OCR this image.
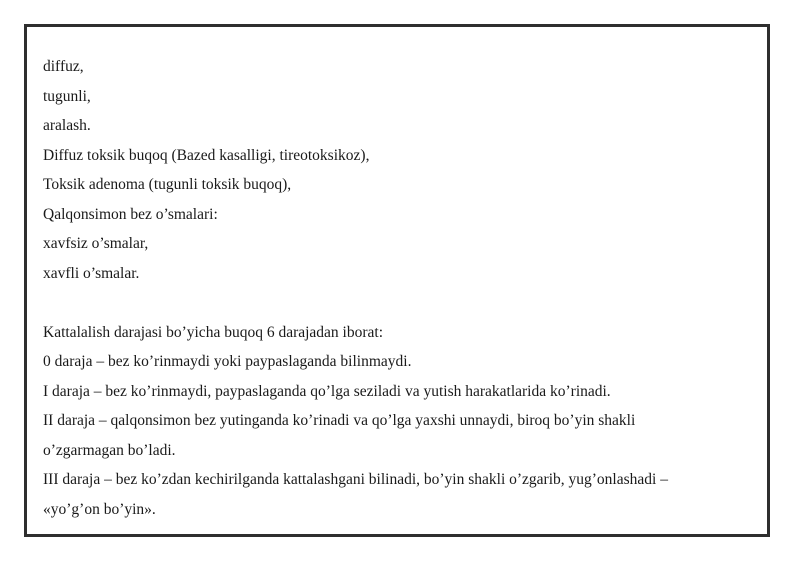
diffuz,
tugunli,
aralash.
Diffuz toksik buqoq (Bazed kasalligi, tireotoksikoz),
Toksik adenoma (tugunli toksik buqoq),
Qalqonsimon bez o’smalari:
xavfsiz o’smalar,
xavfli o’smalar.
Kattalalish darajasi bo’yicha buqoq 6 darajadan iborat:
0 daraja – bez ko’rinmaydi yoki paypaslaganda bilinmaydi.
I daraja – bez ko’rinmaydi, paypaslaganda qo’lga seziladi va yutish harakatlarida ko’rinadi.
II daraja – qalqonsimon bez yutinganda ko’rinadi va qo’lga yaxshi unnaydi, biroq bo’yin shakli
o’zgarmagan bo’ladi.
III daraja – bez ko’zdan kechirilganda kattalashgani bilinadi, bo’yin shakli o’zgarib, yug’onlashadi –
«yo’g’on bo’yin».
